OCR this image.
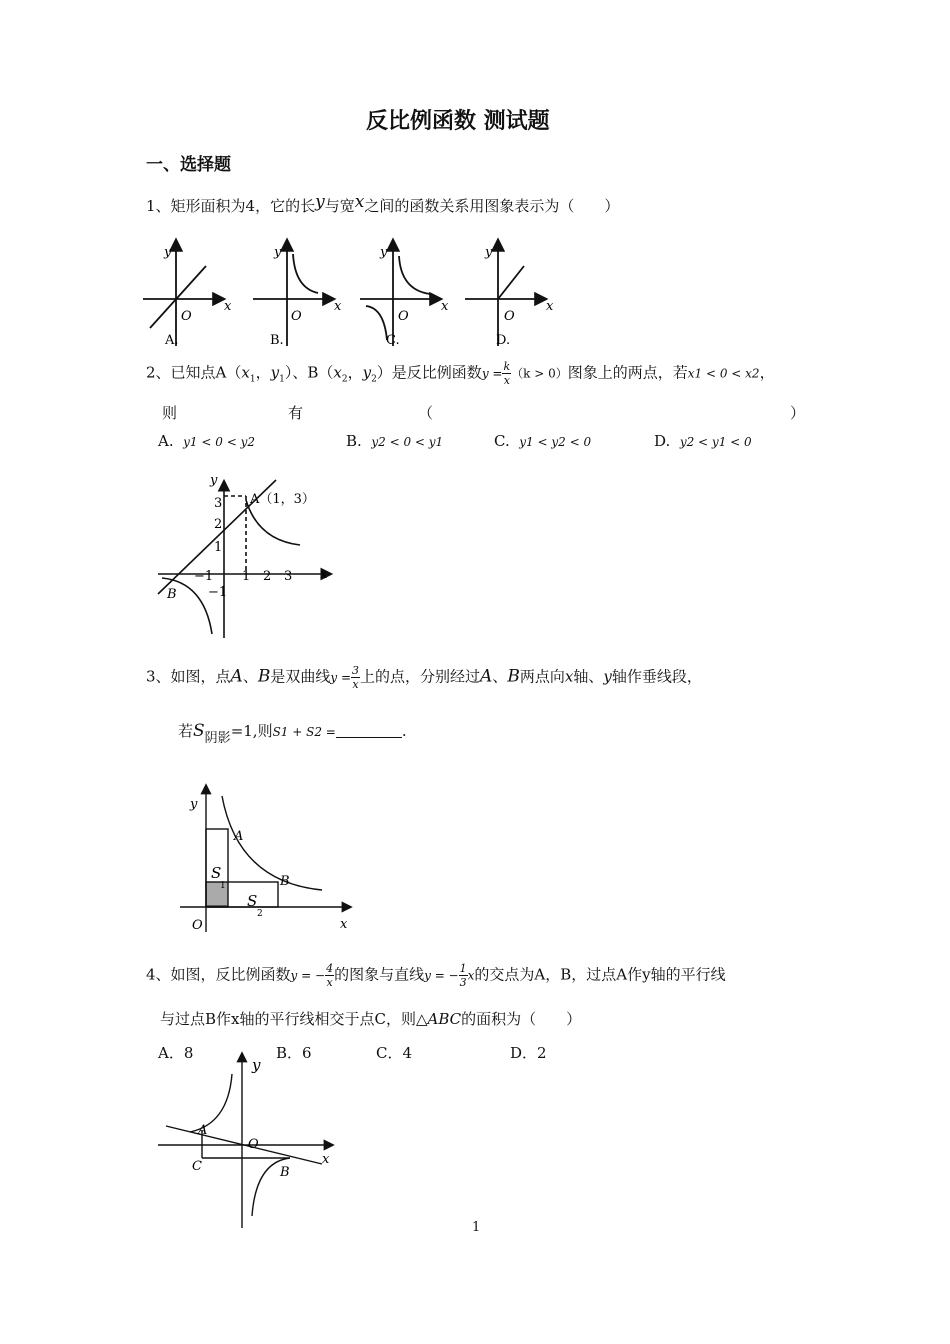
反比例函数 测试题
一、选择题
1、矩形面积为4，它的长y与宽x之间的函数关系用图象表示为（　　）
y
x
O
A.
y
x
O
B.
y
x
O
C.
y
x
O
D.
2、已知点$A(x_1$，$y_1$）、$B(x_2$，$y_2$）是反比例函数$y = \frac{k}{x} (k > 0)$图象上的两点，若x1 < 0 < x2，
则	有	（	）
A. y1 < 0 < y2	B. y2 < 0 < y1	C. y1 < y2 < 0	D. y2 < y1 < 0
y
x
A（1，3）
B
−1 1 2 3
3
2
1
−1
3、如图，点A、B是双曲线$y = \frac{3}{x}$ 上的点，分别经过A、B两点向x轴、y轴作垂线段，
若S阴影=1,则S1 + S2 =	.
y
x
O
A
B
S
1
S
2
4、如图，反比例函数y = − $\frac{4}{x}$ 的图象与直线y = − $\frac{1}{3}$ x的交点为A，B，过点A作y轴的平行线
与过点B作x轴的平行线相交于点C，则△ABC的面积为（　　）
A．8	B．6	C．4	D．2
y
x
O
A
C	B
1
